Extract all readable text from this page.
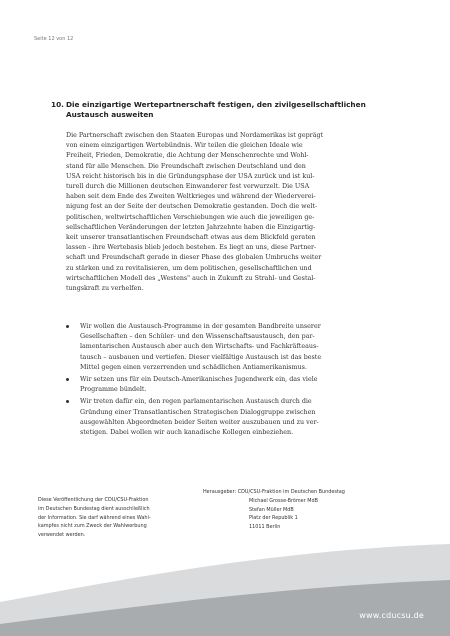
Seite 12 von 12
10. Die einzigartige Wertepartnerschaft festigen, den zivilgesellschaftlichen
Austausch ausweiten
Die Partnerschaft zwischen den Staaten Europas und Nordamerikas ist geprägt
von einem einzigartigen Wertebündnis. Wir teilen die gleichen Ideale wie
Freiheit, Frieden, Demokratie, die Achtung der Menschenrechte und Wohl-
stand für alle Menschen. Die Freundschaft zwischen Deutschland und den
USA reicht historisch bis in die Gründungsphase der USA zurück und ist kul-
turell durch die Millionen deutschen Einwanderer fest verwurzelt. Die USA
haben seit dem Ende des Zweiten Weltkrieges und während der Wiederverei-
nigung fest an der Seite der deutschen Demokratie gestanden. Doch die welt-
politischen, weltwirtschaftlichen Verschiebungen wie auch die jeweiligen ge-
sellschaftlichen Veränderungen der letzten Jahrzehnte haben die Einzigartig-
keit unserer transatlantischen Freundschaft etwas aus dem Blickfeld geraten
lassen - ihre Wertebasis blieb jedoch bestehen. Es liegt an uns, diese Partner-
schaft und Freundschaft gerade in dieser Phase des globalen Umbruchs weiter
zu stärken und zu revitalisieren, um dem politischen, gesellschaftlichen und
wirtschaftlichen Modell des „Westens" auch in Zukunft zu Strahl- und Gestal-
tungskraft zu verhelfen.
Wir wollen die Austausch-Programme in der gesamten Bandbreite unserer
Gesellschaften – den Schüler- und den Wissenschaftsaustausch, den par-
lamentarischen Austausch aber auch den Wirtschafts- und Fachkräfteaus-
tausch – ausbauen und vertiefen. Dieser vielfältige Austausch ist das beste
Mittel gegen einen verzerrenden und schädlichen Antiamerikanismus.
Wir setzen uns für ein Deutsch-Amerikanisches Jugendwerk ein, das viele
Programme bündelt.
Wir treten dafür ein, den regen parlamentarischen Austausch durch die
Gründung einer Transatlantischen Strategischen Dialoggruppe zwischen
ausgewählten Abgeordneten beider Seiten weiter auszubauen und zu ver-
stetigen. Dabei wollen wir auch kanadische Kollegen einbeziehen.
Diese Veröffentlichung der CDU/CSU-Fraktion
im Deutschen Bundestag dient ausschließlich
der Information. Sie darf während eines Wahl-
kampfes nicht zum Zweck der Wahlwerbung
verwendet werden.
Herausgeber: CDU/CSU-Fraktion im Deutschen Bundestag
Michael Grosse-Brömer MdB
Stefan Müller MdB
Platz der Republik 1
11011 Berlin
www.cducsu.de
